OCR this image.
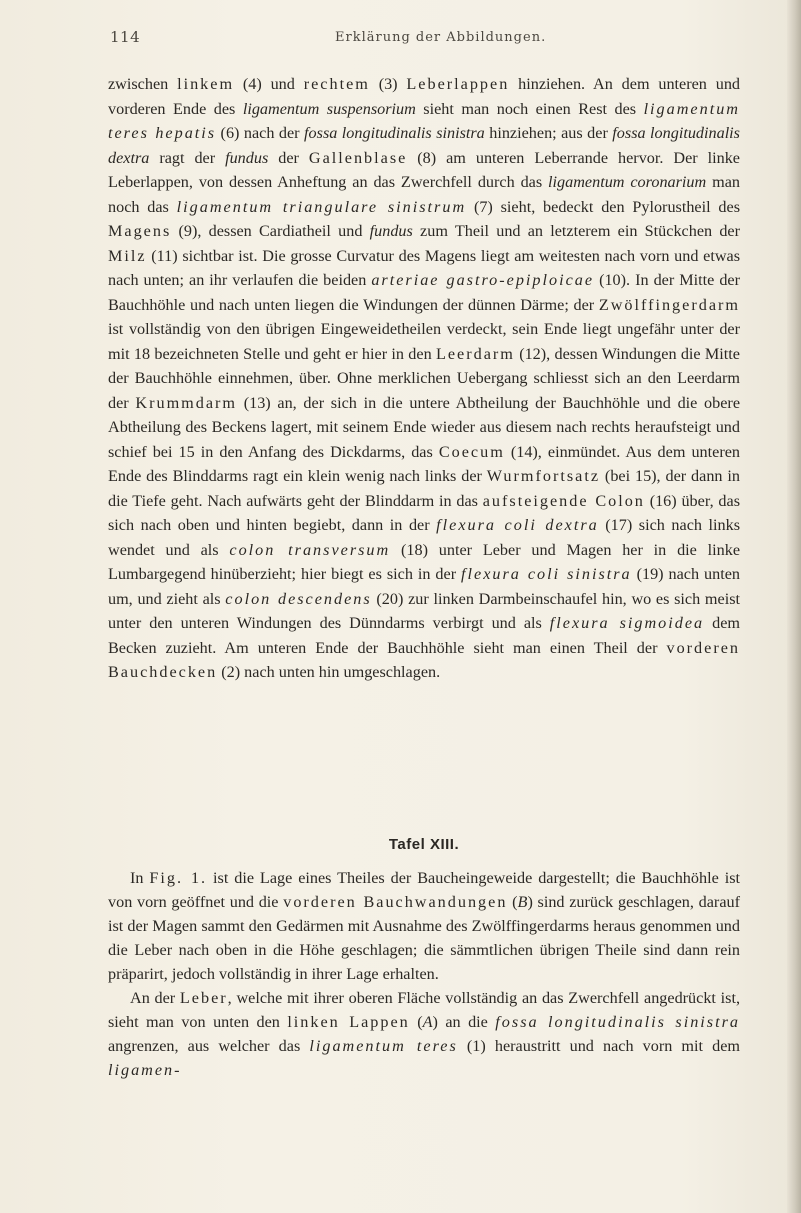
114	Erklärung der Abbildungen.

zwischen linkem (4) und rechtem (3) Leberlappen hinziehen. An dem unteren und vorderen Ende des ligamentum suspensorium sieht man noch einen Rest des ligamentum teres hepatis (6) nach der fossa longitudinalis sinistra hinziehen; aus der fossa longitudinalis dextra ragt der fundus der Gallenblase (8) am unteren Leberrande hervor. Der linke Leberlappen, von dessen Anheftung an das Zwerchfell durch das ligamentum coronarium man noch das ligamentum triangulare sinistrum (7) sieht, bedeckt den Pylorustheil des Magens (9), dessen Cardiatheil und fundus zum Theil und an letzterem ein Stückchen der Milz (11) sichtbar ist. Die grosse Curvatur des Magens liegt am weitesten nach vorn und etwas nach unten; an ihr verlaufen die beiden arteriae gastro-epiploicae (10). In der Mitte der Bauchhöhle und nach unten liegen die Windungen der dünnen Därme; der Zwölffingerdarm ist vollständig von den übrigen Eingeweidetheilen verdeckt, sein Ende liegt ungefähr unter der mit 18 bezeichneten Stelle und geht er hier in den Leerdarm (12), dessen Windungen die Mitte der Bauchhöhle einnehmen, über. Ohne merklichen Uebergang schliesst sich an den Leerdarm der Krummdarm (13) an, der sich in die untere Abtheilung der Bauchhöhle und die obere Abtheilung des Beckens lagert, mit seinem Ende wieder aus diesem nach rechts heraufsteigt und schief bei 15 in den Anfang des Dickdarms, das Coecum (14), einmündet. Aus dem unteren Ende des Blinddarms ragt ein klein wenig nach links der Wurmfortsatz (bei 15), der dann in die Tiefe geht. Nach aufwärts geht der Blinddarm in das aufsteigende Colon (16) über, das sich nach oben und hinten begiebt, dann in der flexura coli dextra (17) sich nach links wendet und als colon transversum (18) unter Leber und Magen her in die linke Lumbargegend hinüberzieht; hier biegt es sich in der flexura coli sinistra (19) nach unten um, und zieht als colon descendens (20) zur linken Darmbeinschaufel hin, wo es sich meist unter den unteren Windungen des Dünndarms verbirgt und als flexura sigmoidea dem Becken zuzieht. Am unteren Ende der Bauchhöhle sieht man einen Theil der vorderen Bauchdecken (2) nach unten hin umgeschlagen.

Tafel XIII.

In Fig. 1. ist die Lage eines Theiles der Baucheingeweide dargestellt; die Bauchhöhle ist von vorn geöffnet und die vorderen Bauchwandungen (B) sind zurück geschlagen, darauf ist der Magen sammt den Gedärmen mit Ausnahme des Zwölffingerdarms heraus genommen und die Leber nach oben in die Höhe geschlagen; die sämmtlichen übrigen Theile sind dann rein präparirt, jedoch vollständig in ihrer Lage erhalten.

An der Leber, welche mit ihrer oberen Fläche vollständig an das Zwerchfell angedrückt ist, sieht man von unten den linken Lappen (A) an die fossa longitudinalis sinistra angrenzen, aus welcher das ligamentum teres (1) heraustritt und nach vorn mit dem ligamen-
